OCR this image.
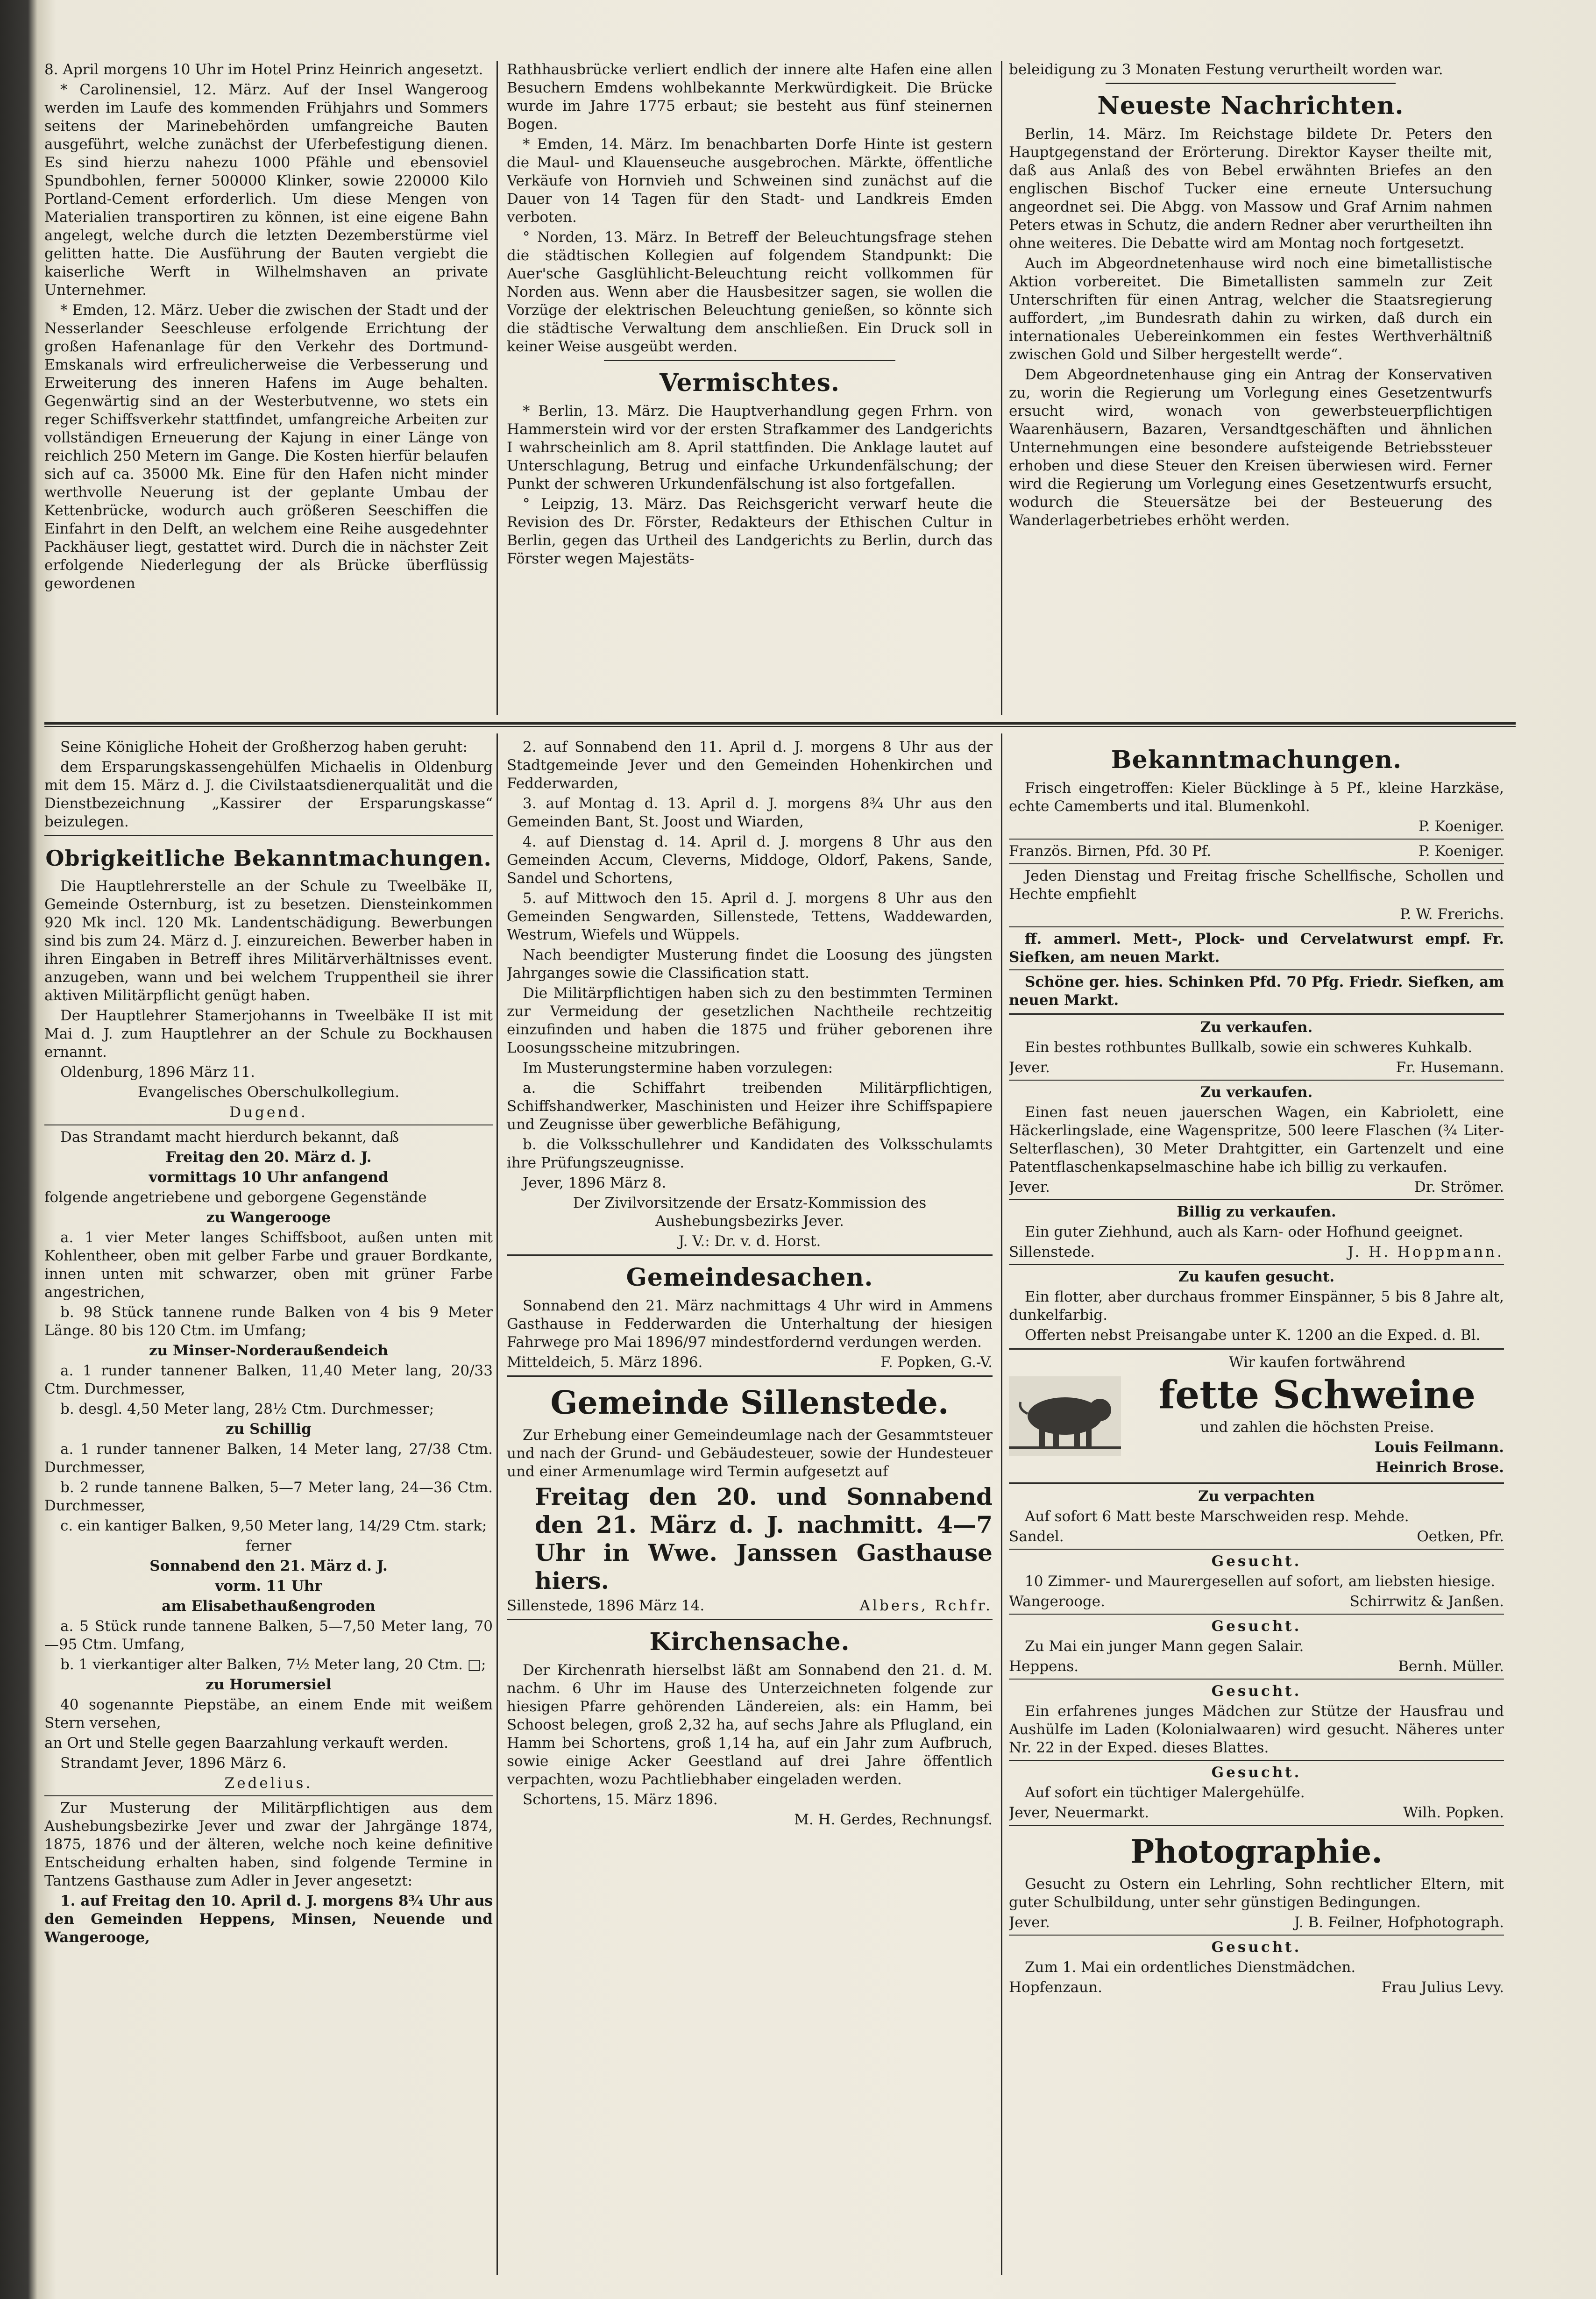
8. April morgens 10 Uhr im Hotel Prinz Heinrich angesetzt.

* Carolinensiel, 12. März. Auf der Insel Wangeroog werden im Laufe des kommenden Frühjahrs und Sommers seitens der Marinebehörden umfangreiche Bauten ausgeführt, welche zunächst der Uferbefestigung dienen. Es sind hierzu nahezu 1000 Pfähle und ebensoviel Spundbohlen, ferner 500000 Klinker, sowie 220000 Kilo Portland-Cement erforderlich. Um diese Mengen von Materialien transportiren zu können, ist eine eigene Bahn angelegt, welche durch die letzten Dezemberstürme viel gelitten hatte. Die Ausführung der Bauten vergiebt die kaiserliche Werft in Wilhelmshaven an private Unternehmer.

* Emden, 12. März. Ueber die zwischen der Stadt und der Nesserlander Seeschleuse erfolgende Errichtung der großen Hafenanlage für den Verkehr des Dortmund-Emskanals wird erfreulicherweise die Verbesserung und Erweiterung des inneren Hafens im Auge behalten. Gegenwärtig sind an der Westerbutvenne, wo stets ein reger Schiffsverkehr stattfindet, umfangreiche Arbeiten zur vollständigen Erneuerung der Kajung in einer Länge von reichlich 250 Metern im Gange. Die Kosten hierfür belaufen sich auf ca. 35000 Mk. Eine für den Hafen nicht minder werthvolle Neuerung ist der geplante Umbau der Kettenbrücke, wodurch auch größeren Seeschiffen die Einfahrt in den Delft, an welchem eine Reihe ausgedehnter Packhäuser liegt, gestattet wird. Durch die in nächster Zeit erfolgende Niederlegung der als Brücke überflüssig gewordenen

Rathhausbrücke verliert endlich der innere alte Hafen eine allen Besuchern Emdens wohlbekannte Merkwürdigkeit. Die Brücke wurde im Jahre 1775 erbaut; sie besteht aus fünf steinernen Bogen.

* Emden, 14. März. Im benachbarten Dorfe Hinte ist gestern die Maul- und Klauenseuche ausgebrochen. Märkte, öffentliche Verkäufe von Hornvieh und Schweinen sind zunächst auf die Dauer von 14 Tagen für den Stadt- und Landkreis Emden verboten.

° Norden, 13. März. In Betreff der Beleuchtungsfrage stehen die städtischen Kollegien auf folgendem Standpunkt: Die Auer'sche Gasglühlicht-Beleuchtung reicht vollkommen für Norden aus. Wenn aber die Hausbesitzer sagen, sie wollen die Vorzüge der elektrischen Beleuchtung genießen, so könnte sich die städtische Verwaltung dem anschließen. Ein Druck soll in keiner Weise ausgeübt werden.

Vermischtes.

* Berlin, 13. März. Die Hauptverhandlung gegen Frhrn. von Hammerstein wird vor der ersten Strafkammer des Landgerichts I wahrscheinlich am 8. April stattfinden. Die Anklage lautet auf Unterschlagung, Betrug und einfache Urkundenfälschung; der Punkt der schweren Urkundenfälschung ist also fortgefallen.

° Leipzig, 13. März. Das Reichsgericht verwarf heute die Revision des Dr. Förster, Redakteurs der Ethischen Cultur in Berlin, gegen das Urtheil des Landgerichts zu Berlin, durch das Förster wegen Majestäts-

beleidigung zu 3 Monaten Festung verurtheilt worden war.

Neueste Nachrichten.

Berlin, 14. März. Im Reichstage bildete Dr. Peters den Hauptgegenstand der Erörterung. Direktor Kayser theilte mit, daß aus Anlaß des von Bebel erwähnten Briefes an den englischen Bischof Tucker eine erneute Untersuchung angeordnet sei. Die Abgg. von Massow und Graf Arnim nahmen Peters etwas in Schutz, die andern Redner aber verurtheilten ihn ohne weiteres. Die Debatte wird am Montag noch fortgesetzt.

Auch im Abgeordnetenhause wird noch eine bimetallistische Aktion vorbereitet. Die Bimetallisten sammeln zur Zeit Unterschriften für einen Antrag, welcher die Staatsregierung auffordert, „im Bundesrath dahin zu wirken, daß durch ein internationales Uebereinkommen ein festes Werthverhältniß zwischen Gold und Silber hergestellt werde“.

Dem Abgeordnetenhause ging ein Antrag der Konservativen zu, worin die Regierung um Vorlegung eines Gesetzentwurfs ersucht wird, wonach von gewerbsteuerpflichtigen Waarenhäusern, Bazaren, Versandtgeschäften und ähnlichen Unternehmungen eine besondere aufsteigende Betriebssteuer erhoben und diese Steuer den Kreisen überwiesen wird. Ferner wird die Regierung um Vorlegung eines Gesetzentwurfs ersucht, wodurch die Steuersätze bei der Besteuerung des Wanderlagerbetriebes erhöht werden.

Seine Königliche Hoheit der Großherzog haben geruht:

dem Ersparungskassengehülfen Michaelis in Oldenburg mit dem 15. März d. J. die Civilstaatsdienerqualität und die Dienstbezeichnung „Kassirer der Ersparungskasse“ beizulegen.

Obrigkeitliche Bekanntmachungen.

Die Hauptlehrerstelle an der Schule zu Tweelbäke II, Gemeinde Osternburg, ist zu besetzen. Diensteinkommen 920 Mk incl. 120 Mk. Landentschädigung. Bewerbungen sind bis zum 24. März d. J. einzureichen. Bewerber haben in ihren Eingaben in Betreff ihres Militärverhältnisses event. anzugeben, wann und bei welchem Truppentheil sie ihrer aktiven Militärpflicht genügt haben.

Der Hauptlehrer Stamerjohanns in Tweelbäke II ist mit Mai d. J. zum Hauptlehrer an der Schule zu Bockhausen ernannt.

Oldenburg, 1896 März 11.

Evangelisches Oberschulkollegium.

Dugend.

Das Strandamt macht hierdurch bekannt, daß

Freitag den 20. März d. J.

vormittags 10 Uhr anfangend

folgende angetriebene und geborgene Gegenstände

zu Wangerooge

a. 1 vier Meter langes Schiffsboot, außen unten mit Kohlentheer, oben mit gelber Farbe und grauer Bordkante, innen unten mit schwarzer, oben mit grüner Farbe angestrichen,

b. 98 Stück tannene runde Balken von 4 bis 9 Meter Länge. 80 bis 120 Ctm. im Umfang;

zu Minser-Norderaußendeich

a. 1 runder tannener Balken, 11,40 Meter lang, 20/33 Ctm. Durchmesser,

b. desgl. 4,50 Meter lang, 28½ Ctm. Durchmesser;

zu Schillig

a. 1 runder tannener Balken, 14 Meter lang, 27/38 Ctm. Durchmesser,

b. 2 runde tannene Balken, 5—7 Meter lang, 24—36 Ctm. Durchmesser,

c. ein kantiger Balken, 9,50 Meter lang, 14/29 Ctm. stark;

ferner

Sonnabend den 21. März d. J.

vorm. 11 Uhr

am Elisabethaußengroden

a. 5 Stück runde tannene Balken, 5—7,50 Meter lang, 70—95 Ctm. Umfang,

b. 1 vierkantiger alter Balken, 7½ Meter lang, 20 Ctm. □;

zu Horumersiel

40 sogenannte Piepstäbe, an einem Ende mit weißem Stern versehen,

an Ort und Stelle gegen Baarzahlung verkauft werden.

Strandamt Jever, 1896 März 6.

Zedelius.

Zur Musterung der Militärpflichtigen aus dem Aushebungsbezirke Jever und zwar der Jahrgänge 1874, 1875, 1876 und der älteren, welche noch keine definitive Entscheidung erhalten haben, sind folgende Termine in Tantzens Gasthause zum Adler in Jever angesetzt:

1. auf Freitag den 10. April d. J. morgens 8¾ Uhr aus den Gemeinden Heppens, Minsen, Neuende und Wangerooge,

2. auf Sonnabend den 11. April d. J. morgens 8 Uhr aus der Stadtgemeinde Jever und den Gemeinden Hohenkirchen und Fedderwarden,

3. auf Montag d. 13. April d. J. morgens 8¾ Uhr aus den Gemeinden Bant, St. Joost und Wiarden,

4. auf Dienstag d. 14. April d. J. morgens 8 Uhr aus den Gemeinden Accum, Cleverns, Middoge, Oldorf, Pakens, Sande, Sandel und Schortens,

5. auf Mittwoch den 15. April d. J. morgens 8 Uhr aus den Gemeinden Sengwarden, Sillenstede, Tettens, Waddewarden, Westrum, Wiefels und Wüppels.

Nach beendigter Musterung findet die Loosung des jüngsten Jahrganges sowie die Classification statt.

Die Militärpflichtigen haben sich zu den bestimmten Terminen zur Vermeidung der gesetzlichen Nachtheile rechtzeitig einzufinden und haben die 1875 und früher geborenen ihre Loosungsscheine mitzubringen.

Im Musterungstermine haben vorzulegen:

a. die Schiffahrt treibenden Militärpflichtigen, Schiffshandwerker, Maschinisten und Heizer ihre Schiffspapiere und Zeugnisse über gewerbliche Befähigung,

b. die Volksschullehrer und Kandidaten des Volksschulamts ihre Prüfungszeugnisse.

Jever, 1896 März 8.

Der Zivilvorsitzende der Ersatz-Kommission des Aushebungsbezirks Jever.

J. V.: Dr. v. d. Horst.

Gemeindesachen.

Sonnabend den 21. März nachmittags 4 Uhr wird in Ammens Gasthause in Fedderwarden die Unterhaltung der hiesigen Fahrwege pro Mai 1896/97 mindestfordernd verdungen werden.

Mitteldeich, 5. März 1896.	F. Popken, G.-V.
Gemeinde Sillenstede.

Zur Erhebung einer Gemeindeumlage nach der Gesammtsteuer und nach der Grund- und Gebäudesteuer, sowie der Hundesteuer und einer Armenumlage wird Termin aufgesetzt auf

Freitag den 20. und Sonnabend den 21. März d. J. nachmitt. 4—7 Uhr in Wwe. Janssen Gasthause hiers.

Sillenstede, 1896 März 14.	Albers, Rchfr.
Kirchensache.

Der Kirchenrath hierselbst läßt am Sonnabend den 21. d. M. nachm. 6 Uhr im Hause des Unterzeichneten folgende zur hiesigen Pfarre gehörenden Ländereien, als: ein Hamm, bei Schoost belegen, groß 2,32 ha, auf sechs Jahre als Pflugland, ein Hamm bei Schortens, groß 1,14 ha, auf ein Jahr zum Aufbruch, sowie einige Acker Geestland auf drei Jahre öffentlich verpachten, wozu Pachtliebhaber eingeladen werden.

Schortens, 15. März 1896.

M. H. Gerdes, Rechnungsf.

Bekanntmachungen.

Frisch eingetroffen: Kieler Bücklinge à 5 Pf., kleine Harzkäse, echte Camemberts und ital. Blumenkohl.

P. Koeniger.

Französ. Birnen, Pfd. 30 Pf.	P. Koeniger.

Jeden Dienstag und Freitag frische Schellfische, Schollen und Hechte empfiehlt

P. W. Frerichs.

ff. ammerl. Mett-, Plock- und Cervelatwurst empf. Fr. Siefken, am neuen Markt.

Schöne ger. hies. Schinken Pfd. 70 Pfg. Friedr. Siefken, am neuen Markt.

Zu verkaufen.

Ein bestes rothbuntes Bullkalb, sowie ein schweres Kuhkalb.

Jever.	Fr. Husemann.

Zu verkaufen.

Einen fast neuen jauerschen Wagen, ein Kabriolett, eine Häckerlingslade, eine Wagenspritze, 500 leere Flaschen (¾ Liter-Selterflaschen), 30 Meter Drahtgitter, ein Gartenzelt und eine Patentflaschenkapselmaschine habe ich billig zu verkaufen.

Jever.	Dr. Strömer.

Billig zu verkaufen.

Ein guter Ziehhund, auch als Karn- oder Hofhund geeignet.

Sillenstede.	J. H. Hoppmann.

Zu kaufen gesucht.

Ein flotter, aber durchaus frommer Einspänner, 5 bis 8 Jahre alt, dunkelfarbig.

Offerten nebst Preisangabe unter K. 1200 an die Exped. d. Bl.

Wir kaufen fortwährend

fette Schweine

und zahlen die höchsten Preise.

Louis Feilmann.

Heinrich Brose.

Zu verpachten

Auf sofort 6 Matt beste Marschweiden resp. Mehde.

Sandel.	Oetken, Pfr.

Gesucht.

10 Zimmer- und Maurergesellen auf sofort, am liebsten hiesige.

Wangerooge.	Schirrwitz & Janßen.

Gesucht.

Zu Mai ein junger Mann gegen Salair.

Heppens.	Bernh. Müller.

Gesucht.

Ein erfahrenes junges Mädchen zur Stütze der Hausfrau und Aushülfe im Laden (Kolonialwaaren) wird gesucht. Näheres unter Nr. 22 in der Exped. dieses Blattes.

Gesucht.

Auf sofort ein tüchtiger Malergehülfe.

Jever, Neuermarkt.	Wilh. Popken.
Photographie.

Gesucht zu Ostern ein Lehrling, Sohn rechtlicher Eltern, mit guter Schulbildung, unter sehr günstigen Bedingungen.

Jever.	J. B. Feilner, Hofphotograph.

Gesucht.

Zum 1. Mai ein ordentliches Dienstmädchen.

Hopfenzaun.	Frau Julius Levy.
